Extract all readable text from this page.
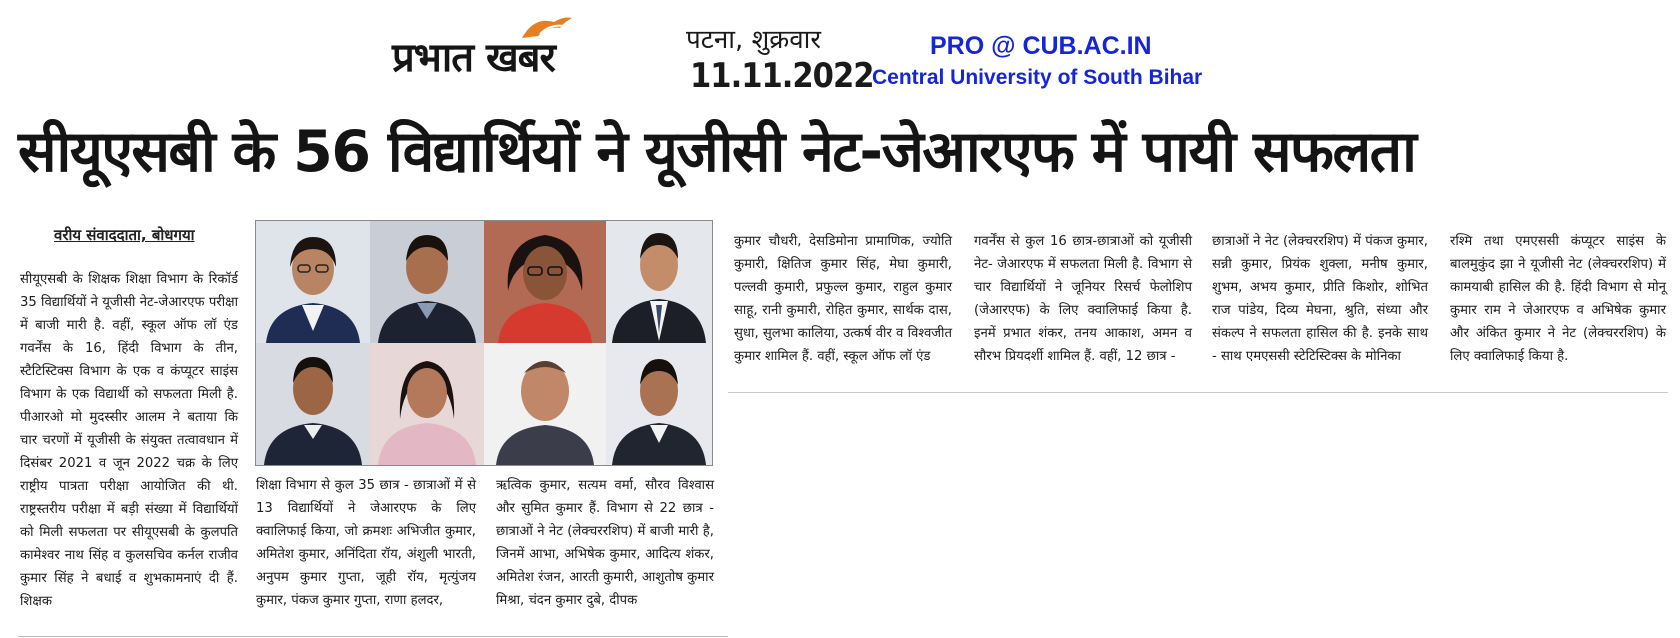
प्रभात खबर	पटना, शुक्रवार
11.11.2022
PRO @ CUB.AC.IN
Central University of South Bihar
सीयूएसबी के 56 विद्यार्थियों ने यूजीसी नेट-जेआरएफ में पायी सफलता
वरीय संवाददाता, बोधगया
सीयूएसबी के शिक्षक शिक्षा विभाग के रिकॉर्ड 35 विद्यार्थियों ने यूजीसी नेट-जेआरएफ परीक्षा में बाजी मारी है. वहीं, स्कूल ऑफ लॉ एंड गवर्नेंस के 16, हिंदी विभाग के तीन, स्टैटिस्टिक्स विभाग के एक व कंप्यूटर साइंस विभाग के एक विद्यार्थी को सफलता मिली है. पीआरओ मो मुदस्सीर आलम ने बताया कि चार चरणों में यूजीसी के संयुक्त तत्वावधान में दिसंबर 2021 व जून 2022 चक्र के लिए राष्ट्रीय पात्रता परीक्षा आयोजित की थी. राष्ट्रस्तरीय परीक्षा में बड़ी संख्या में विद्यार्थियों को मिली सफलता पर सीयूएसबी के कुलपति कामेश्वर नाथ सिंह व कुलसचिव कर्नल राजीव कुमार सिंह ने बधाई व शुभकामनाएं दी हैं. शिक्षक
शिक्षा विभाग से कुल 35 छात्र - छात्राओं में से 13 विद्यार्थियों ने जेआरएफ के लिए क्वालिफाई किया, जो क्रमशः अभिजीत कुमार, अमितेश कुमार, अनिंदिता रॉय, अंशुली भारती, अनुपम कुमार गुप्ता, जूही रॉय, मृत्युंजय कुमार, पंकज कुमार गुप्ता, राणा हलदर,
ऋत्विक कुमार, सत्यम वर्मा, सौरव विश्वास और सुमित कुमार हैं. विभाग से 22 छात्र - छात्राओं ने नेट (लेक्चररशिप) में बाजी मारी है, जिनमें आभा, अभिषेक कुमार, आदित्य शंकर, अमितेश रंजन, आरती कुमारी, आशुतोष कुमार मिश्रा, चंदन कुमार दुबे, दीपक
कुमार चौधरी, देसडिमोना प्रामाणिक, ज्योति कुमारी, क्षितिज कुमार सिंह, मेघा कुमारी, पल्लवी कुमारी, प्रफुल्ल कुमार, राहुल कुमार साहू, रानी कुमारी, रोहित कुमार, सार्थक दास, सुधा, सुलभा कालिया, उत्कर्ष वीर व विश्वजीत कुमार शामिल हैं. वहीं, स्कूल ऑफ लॉ एंड
गवर्नेंस से कुल 16 छात्र-छात्राओं को यूजीसी नेट- जेआरएफ में सफलता मिली है. विभाग से चार विद्यार्थियों ने जूनियर रिसर्च फेलोशिप (जेआरएफ) के लिए क्वालिफाई किया है. इनमें प्रभात शंकर, तनय आकाश, अमन व सौरभ प्रियदर्शी शामिल हैं. वहीं, 12 छात्र -
छात्राओं ने नेट (लेक्चररशिप) में पंकज कुमार, सन्नी कुमार, प्रियंक शुक्ला, मनीष कुमार, शुभम, अभय कुमार, प्रीति किशोर, शोभित राज पांडेय, दिव्य मेघना, श्रुति, संध्या और संकल्प ने सफलता हासिल की है. इनके साथ - साथ एमएससी स्टेटिस्टिक्स के मोनिका
रश्मि तथा एमएससी कंप्यूटर साइंस के बालमुकुंद झा ने यूजीसी नेट (लेक्चररशिप) में कामयाबी हासिल की है. हिंदी विभाग से मोनू कुमार राम ने जेआरएफ व अभिषेक कुमार और अंकित कुमार ने नेट (लेक्चररशिप) के लिए क्वालिफाई किया है.
